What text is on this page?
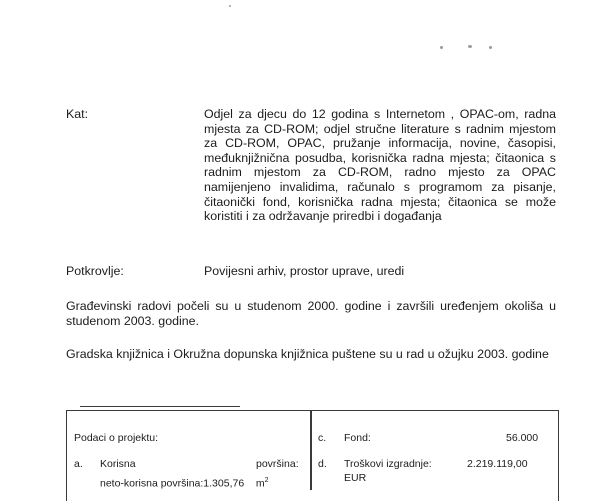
Kat:	Odjel za djecu do 12 godina s Internetom , OPAC-om, radna mjesta za CD-ROM; odjel stručne literature s radnim mjestom za CD-ROM, OPAC, pružanje informacija, novine, časopisi, međuknjižnična posudba, korisnička radna mjesta; čitaonica s radnim mjestom za CD-ROM, radno mjesto za OPAC namijenjeno invalidima, računalo s programom za pisanje, čitaonički fond, korisnička radna mjesta; čitaonica se može koristiti i za održavanje priredbi i događanja
Potkrovlje:	Povijesni arhiv, prostor uprave, uredi
Građevinski radovi počeli su u studenom 2000. godine i završili uređenjem okoliša u studenom 2003. godine.
Gradska knjižnica i Okružna dopunska knjižnica puštene su u rad u ožujku 2003. godine
Podaci o projektu:
a. Korisna	površina:
neto-korisna površina:1.305,76 $m^2$
c. Fond:	56.000
d. Troškovi izgradnje:	2.219.119,00
EUR
